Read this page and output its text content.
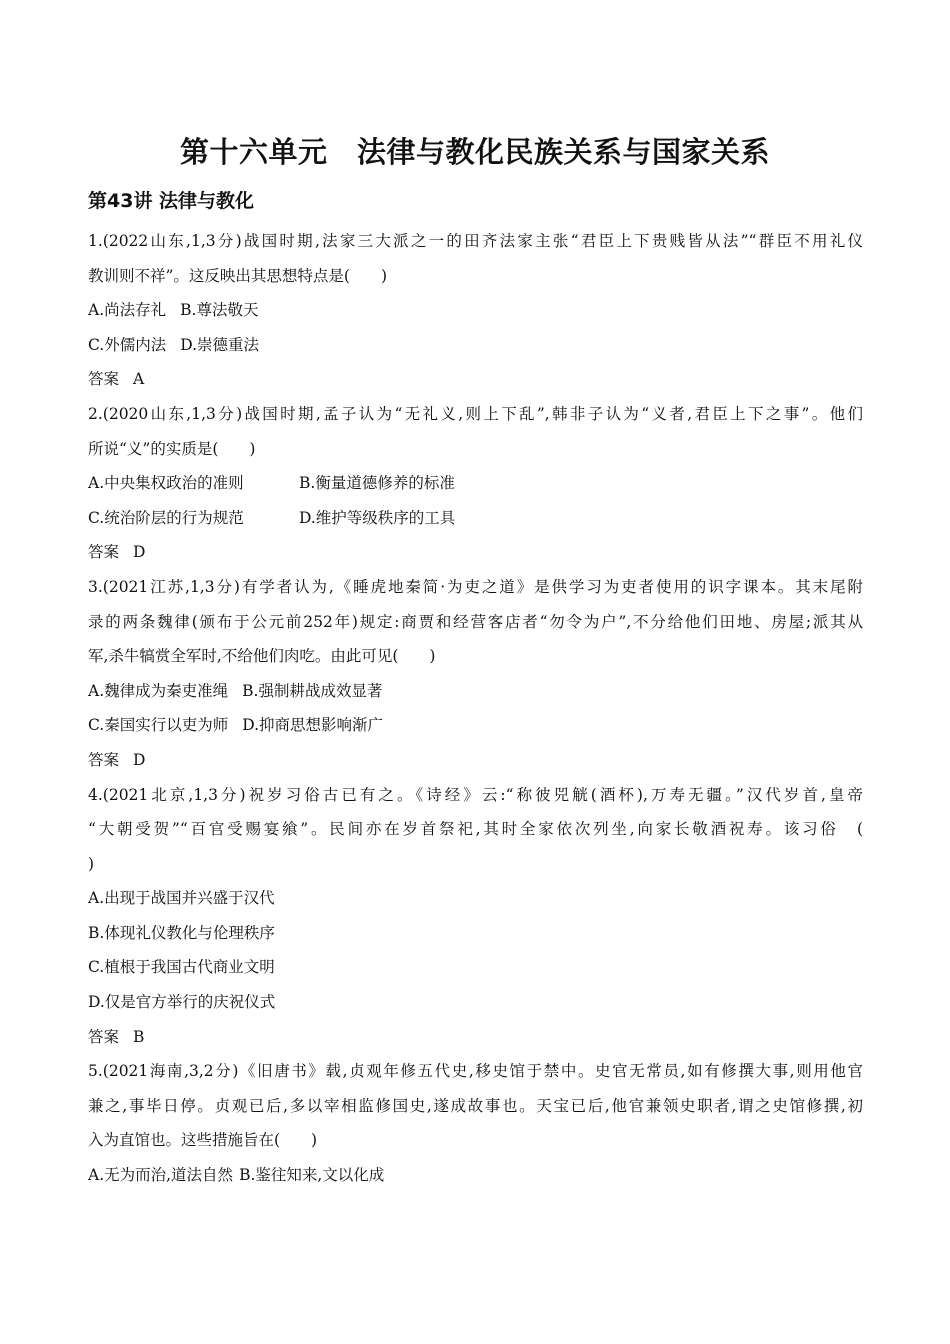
第十六单元　法律与教化民族关系与国家关系
第43讲 法律与教化
1.(2022山东,1,3分)战国时期,法家三大派之一的田齐法家主张“君臣上下贵贱皆从法”“群臣不用礼仪
教训则不祥”。这反映出其思想特点是(　　)
A.尚法存礼 B.尊法敬天
C.外儒内法 D.崇德重法
答案 A
2.(2020山东,1,3分)战国时期,孟子认为“无礼义,则上下乱”,韩非子认为“义者,君臣上下之事”。他们
所说“义”的实质是(　　)
A.中央集权政治的准则	B.衡量道德修养的标准
C.统治阶层的行为规范	D.维护等级秩序的工具
答案 D
3.(2021江苏,1,3分)有学者认为,《睡虎地秦简·为吏之道》是供学习为吏者使用的识字课本。其末尾附
录的两条魏律(颁布于公元前252年)规定:商贾和经营客店者“勿令为户”,不分给他们田地、房屋;派其从
军,杀牛犒赏全军时,不给他们肉吃。由此可见(　　)
A.魏律成为秦吏准绳 B.强制耕战成效显著
C.秦国实行以吏为师 D.抑商思想影响渐广
答案 D
4.(2021北京,1,3分)祝岁习俗古已有之。《诗经》云:“称彼兕觥(酒杯),万寿无疆。”汉代岁首,皇帝
“大朝受贺”“百官受赐宴飨”。民间亦在岁首祭祀,其时全家依次列坐,向家长敬酒祝寿。该习俗　(
)
A.出现于战国并兴盛于汉代
B.体现礼仪教化与伦理秩序
C.植根于我国古代商业文明
D.仅是官方举行的庆祝仪式
答案 B
5.(2021海南,3,2分)《旧唐书》载,贞观年修五代史,移史馆于禁中。史官无常员,如有修撰大事,则用他官
兼之,事毕日停。贞观已后,多以宰相监修国史,遂成故事也。天宝已后,他官兼领史职者,谓之史馆修撰,初
入为直馆也。这些措施旨在(　　)
A.无为而治,道法自然 B.鉴往知来,文以化成
